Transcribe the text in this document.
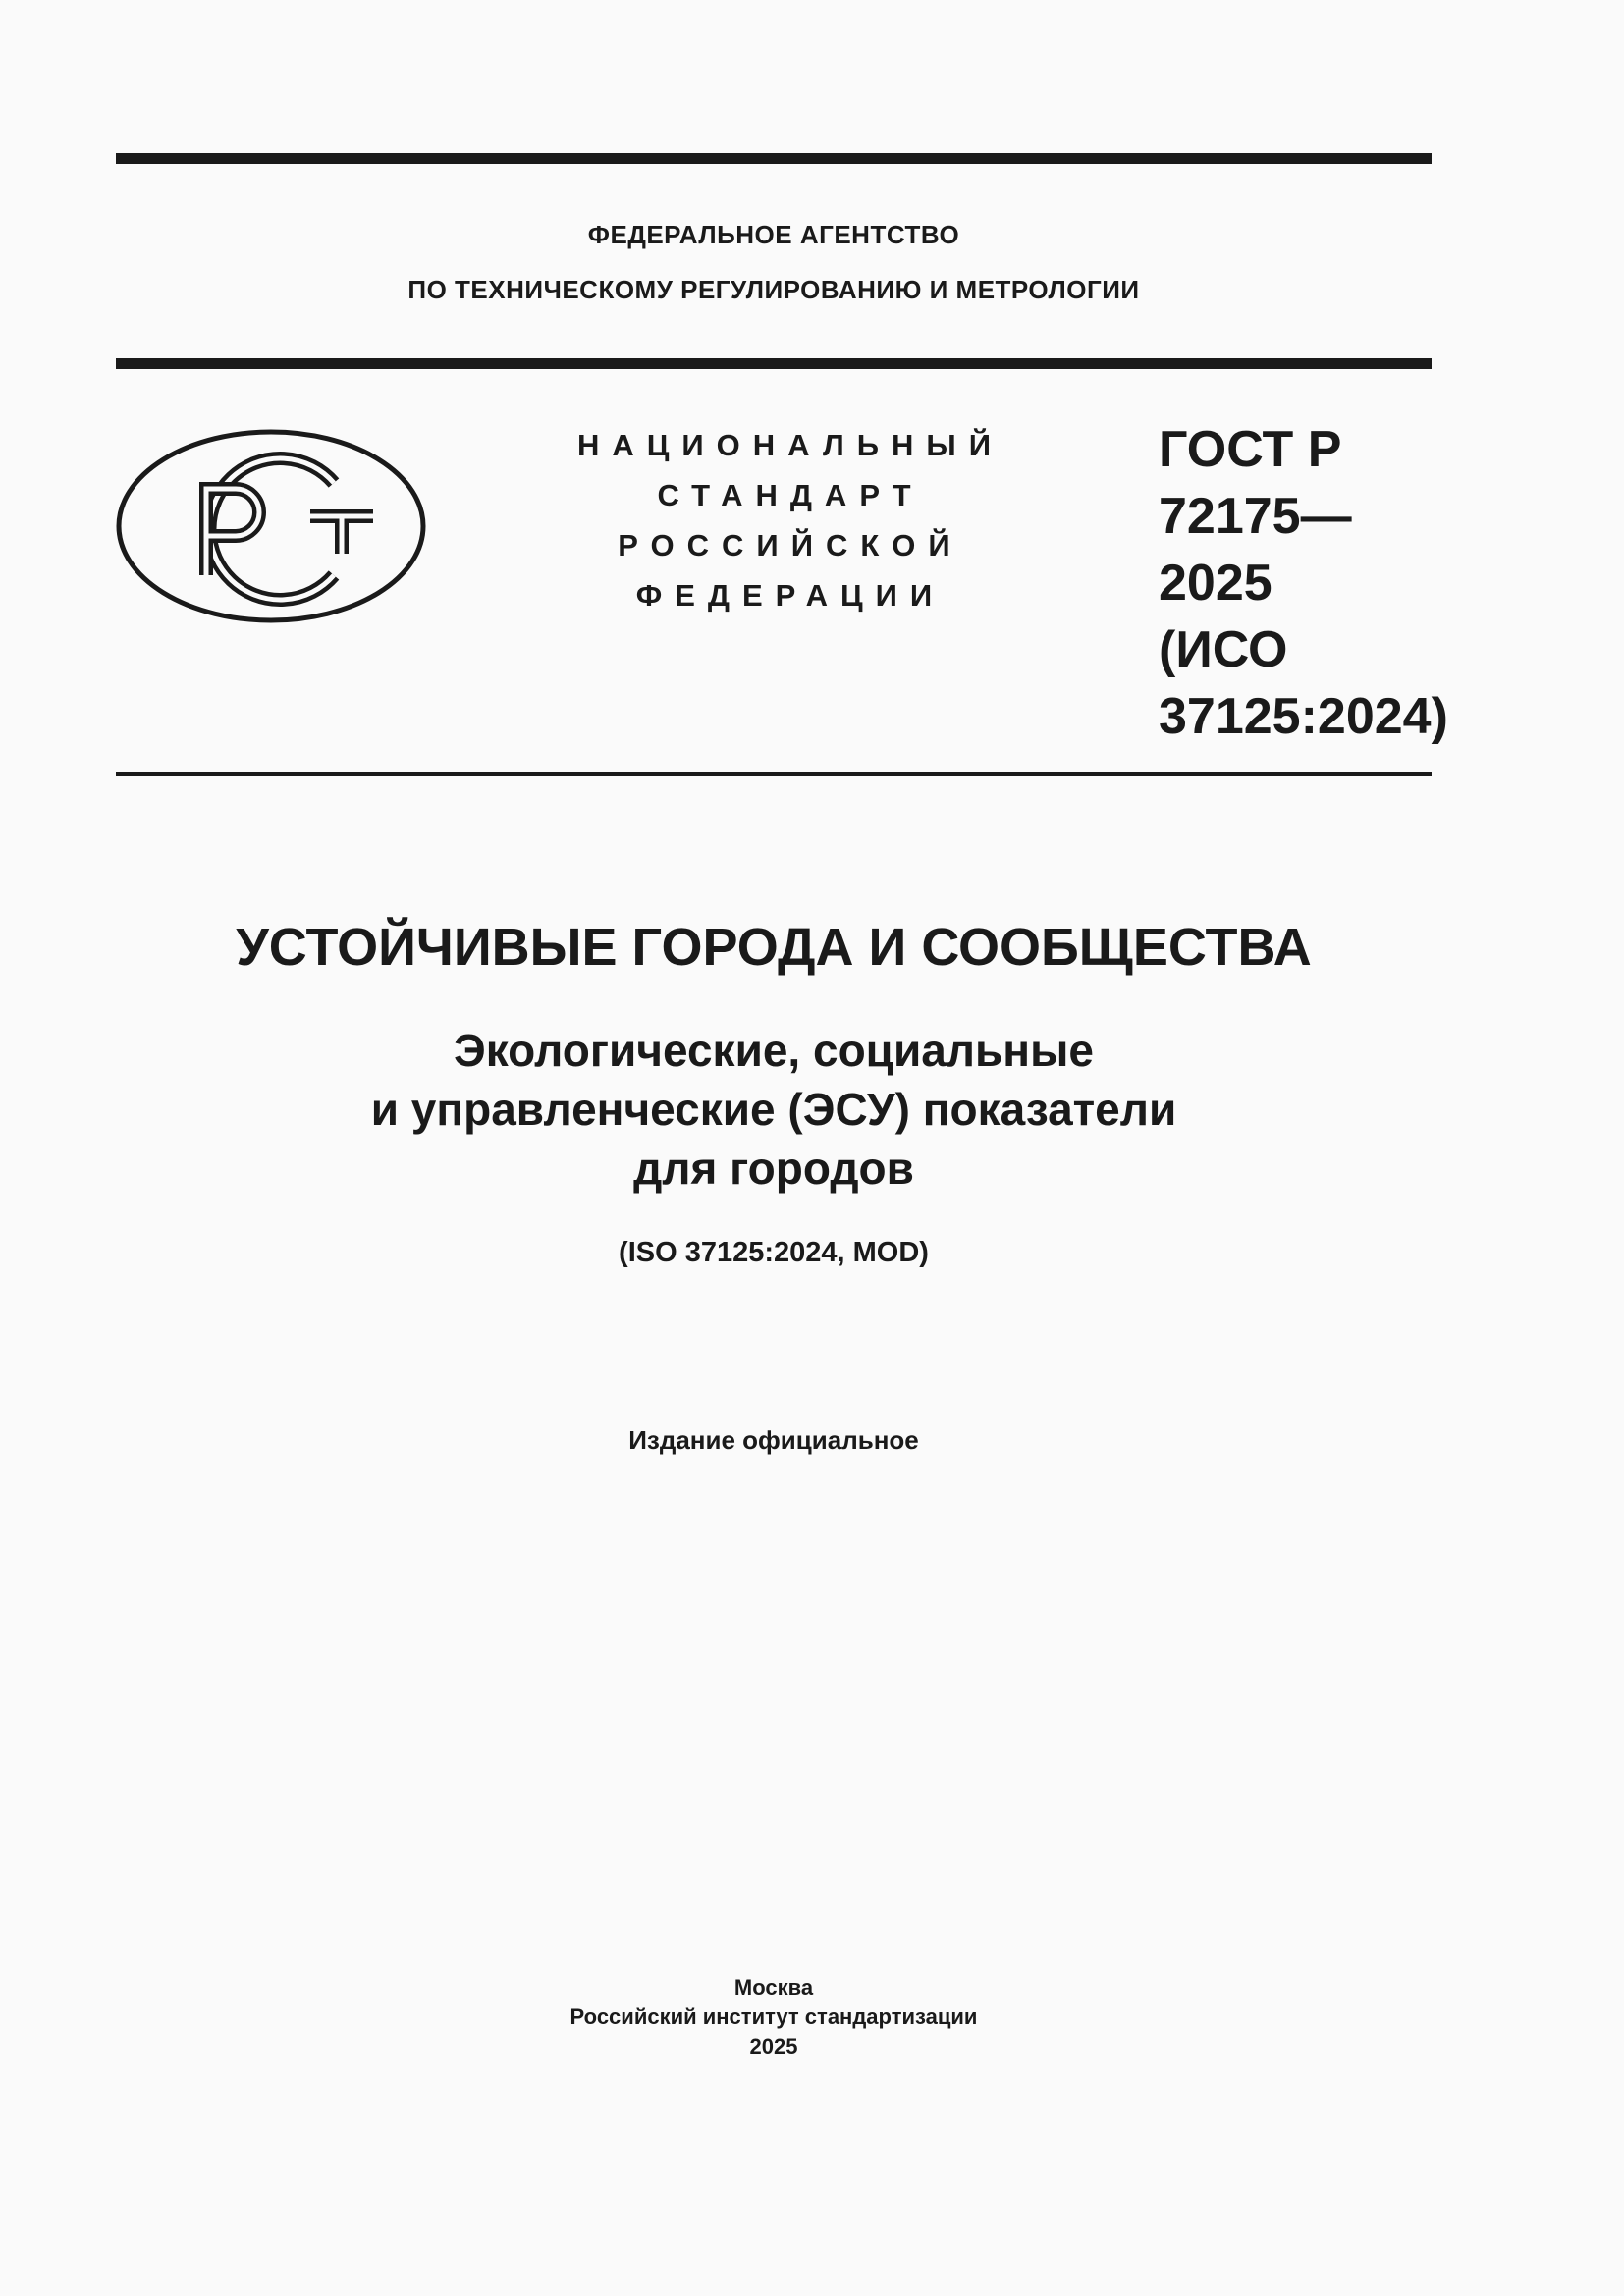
ФЕДЕРАЛЬНОЕ АГЕНТСТВО
ПО ТЕХНИЧЕСКОМУ РЕГУЛИРОВАНИЮ И МЕТРОЛОГИИ
НАЦИОНАЛЬНЫЙ
СТАНДАРТ
РОССИЙСКОЙ
ФЕДЕРАЦИИ
ГОСТ Р
72175—
2025
(ИСО
37125:2024)
УСТОЙЧИВЫЕ ГОРОДА И СООБЩЕСТВА
Экологические, социальные
и управленческие (ЭСУ) показатели
для городов
(ISO 37125:2024, MOD)
Издание официальное
Москва
Российский институт стандартизации
2025
